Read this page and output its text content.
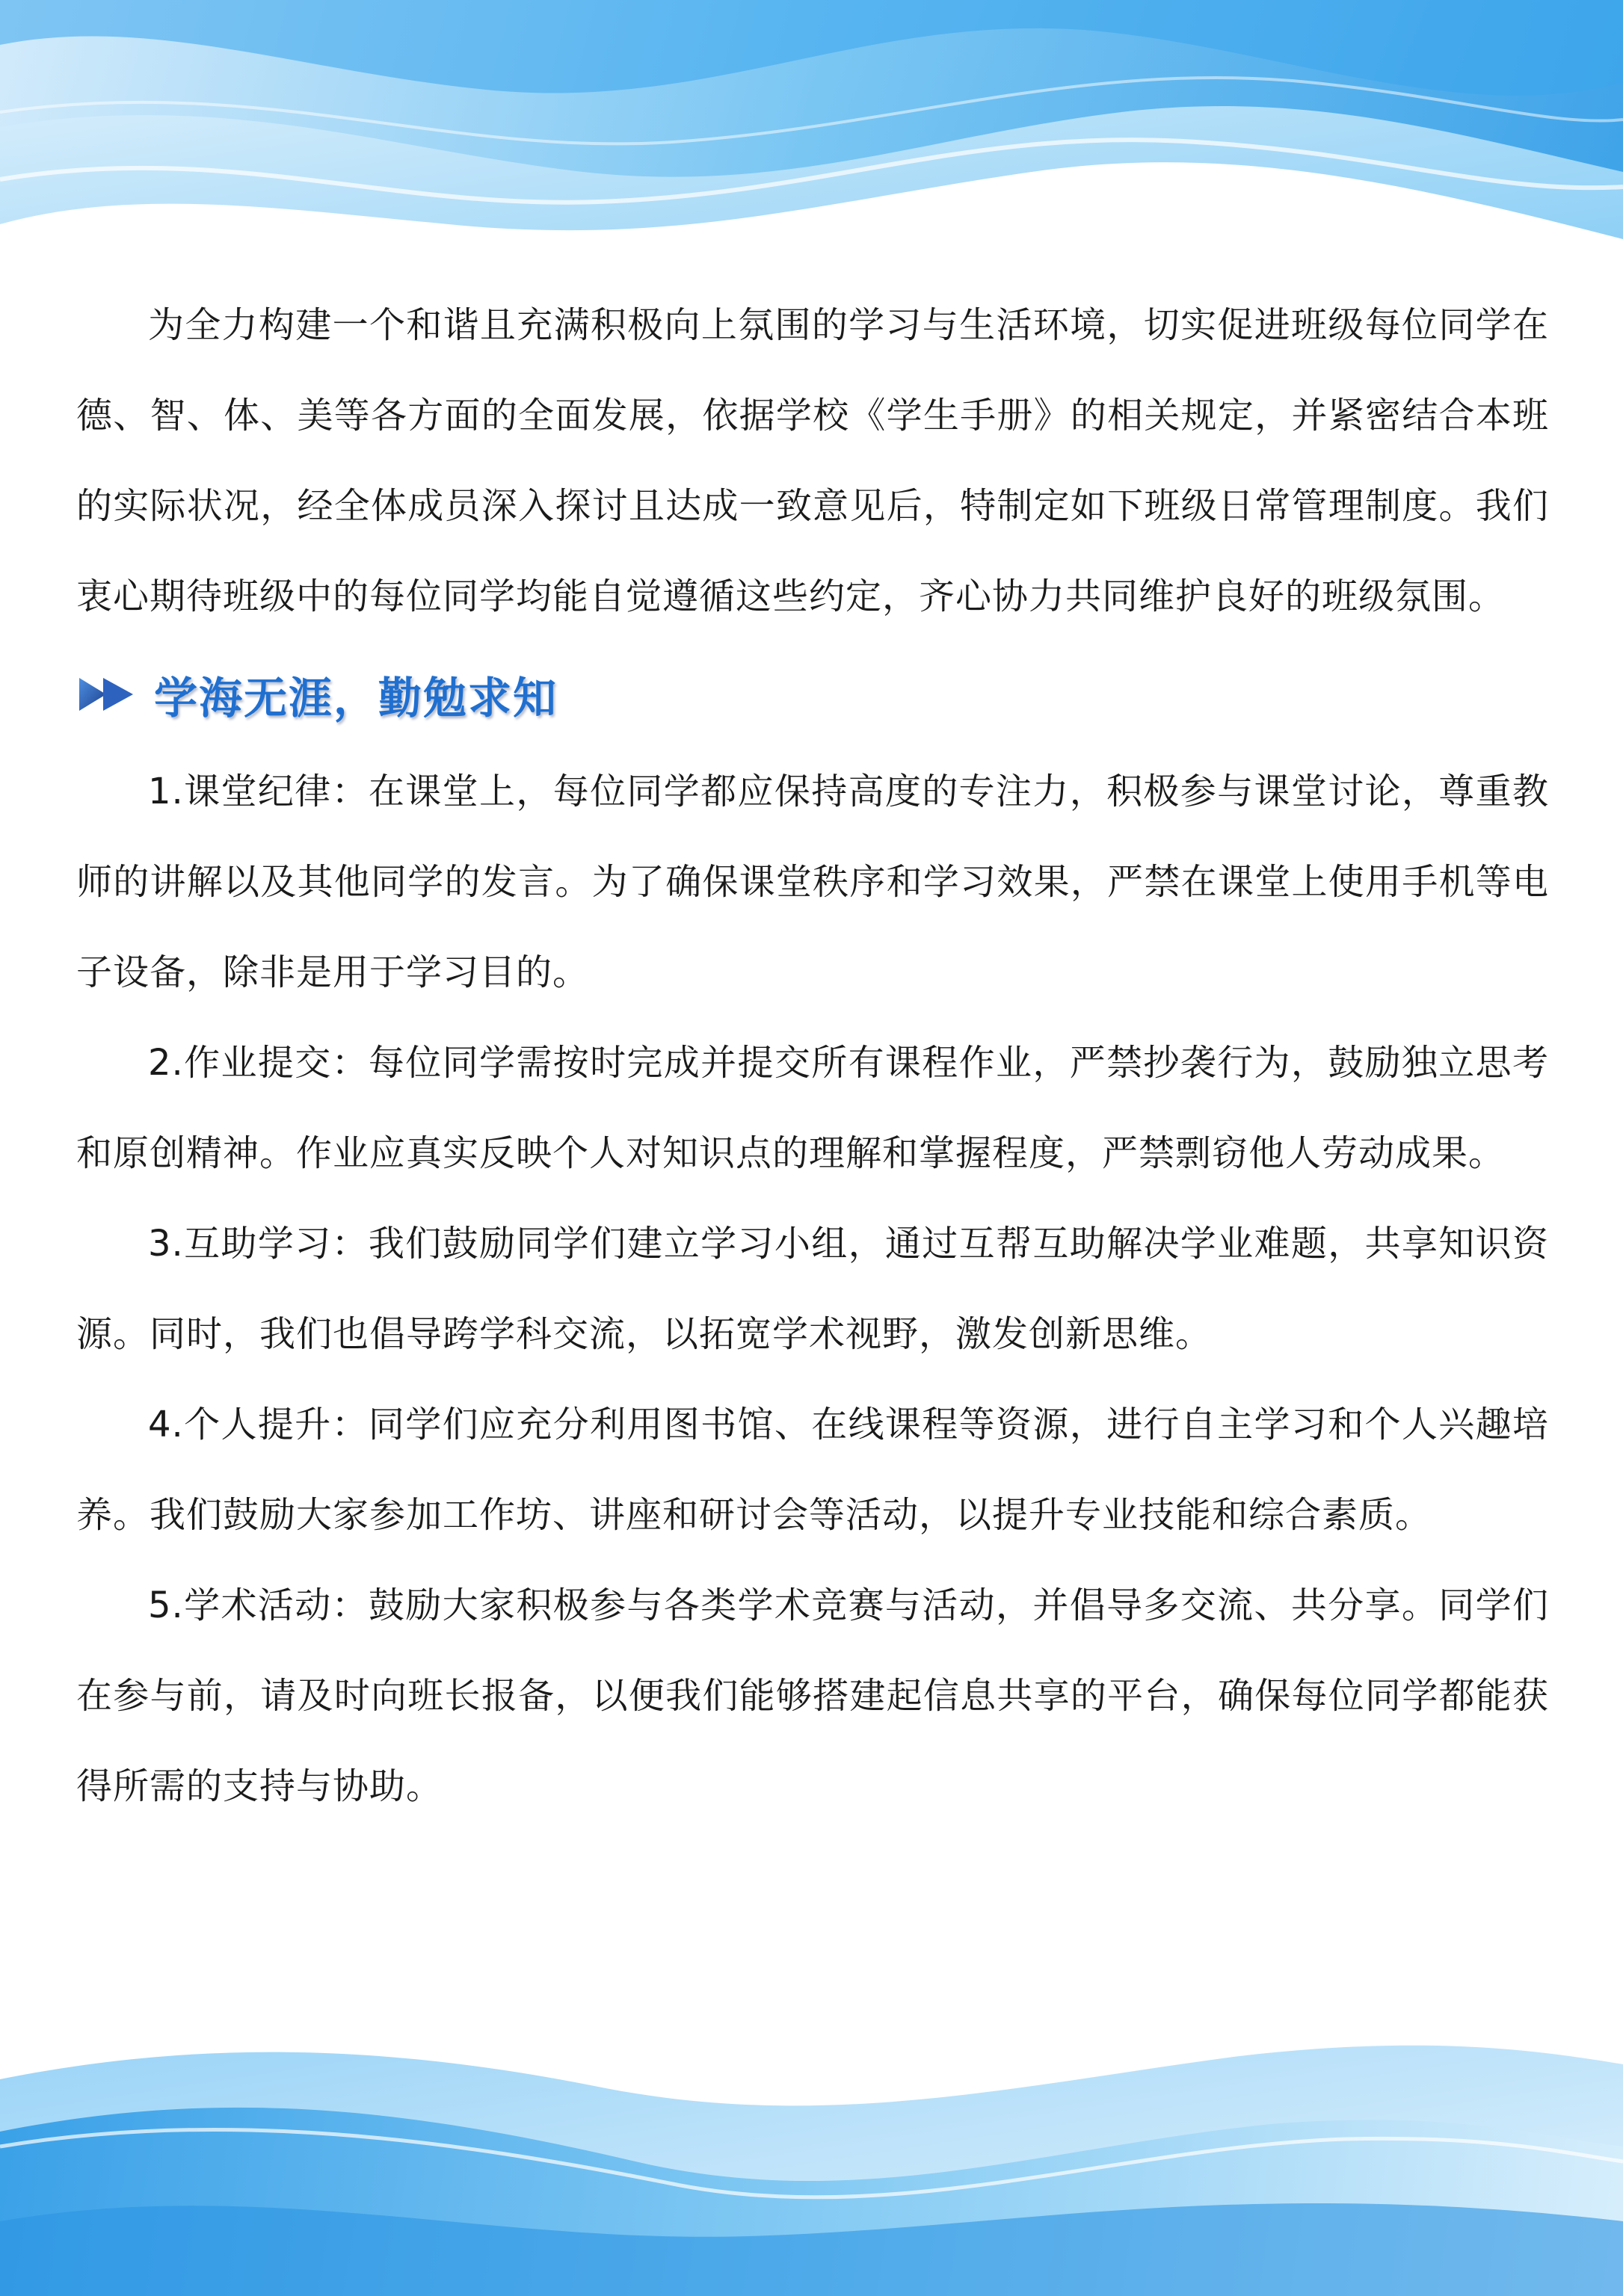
为全力构建一个和谐且充满积极向上氛围的学习与生活环境，切实促进班级每位同学在德、智、体、美等各方面的全面发展，依据学校《学生手册》的相关规定，并紧密结合本班的实际状况，经全体成员深入探讨且达成一致意见后，特制定如下班级日常管理制度。我们衷心期待班级中的每位同学均能自觉遵循这些约定，齐心协力共同维护良好的班级氛围。

学海无涯，勤勉求知

1.课堂纪律：在课堂上，每位同学都应保持高度的专注力，积极参与课堂讨论，尊重教师的讲解以及其他同学的发言。为了确保课堂秩序和学习效果，严禁在课堂上使用手机等电子设备，除非是用于学习目的。

2.作业提交：每位同学需按时完成并提交所有课程作业，严禁抄袭行为，鼓励独立思考和原创精神。作业应真实反映个人对知识点的理解和掌握程度，严禁剽窃他人劳动成果。

3.互助学习：我们鼓励同学们建立学习小组，通过互帮互助解决学业难题，共享知识资源。同时，我们也倡导跨学科交流，以拓宽学术视野，激发创新思维。

4.个人提升：同学们应充分利用图书馆、在线课程等资源，进行自主学习和个人兴趣培养。我们鼓励大家参加工作坊、讲座和研讨会等活动，以提升专业技能和综合素质。

5.学术活动：鼓励大家积极参与各类学术竞赛与活动，并倡导多交流、共分享。同学们在参与前，请及时向班长报备，以便我们能够搭建起信息共享的平台，确保每位同学都能获得所需的支持与协助。
